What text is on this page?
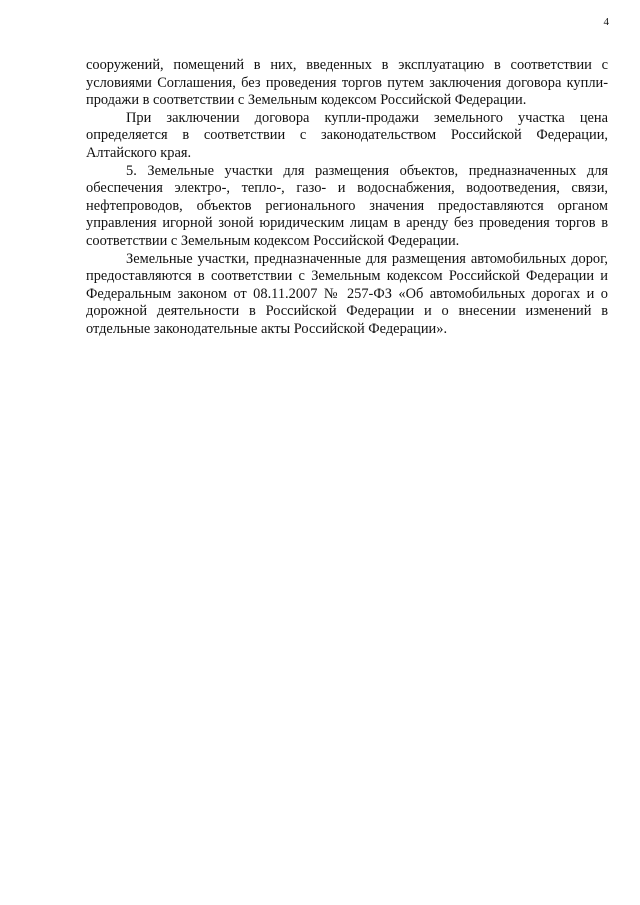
4

сооружений, помещений в них, введенных в эксплуатацию в соответствии с условиями Соглашения, без проведения торгов путем заключения договора купли-продажи в соответствии с Земельным кодексом Российской Федерации.

При заключении договора купли-продажи земельного участка цена определяется в соответствии с законодательством Российской Федерации, Алтайского края.

5. Земельные участки для размещения объектов, предназначенных для обеспечения электро-, тепло-, газо- и водоснабжения, водоотведения, связи, нефтепроводов, объектов регионального значения предоставляются органом управления игорной зоной юридическим лицам в аренду без проведения торгов в соответствии с Земельным кодексом Российской Федерации.

Земельные участки, предназначенные для размещения автомобильных дорог, предоставляются в соответствии с Земельным кодексом Российской Федерации и Федеральным законом от 08.11.2007 № 257-ФЗ «Об автомобильных дорогах и о дорожной деятельности в Российской Федерации и о внесении изменений в отдельные законодательные акты Российской Федерации».
